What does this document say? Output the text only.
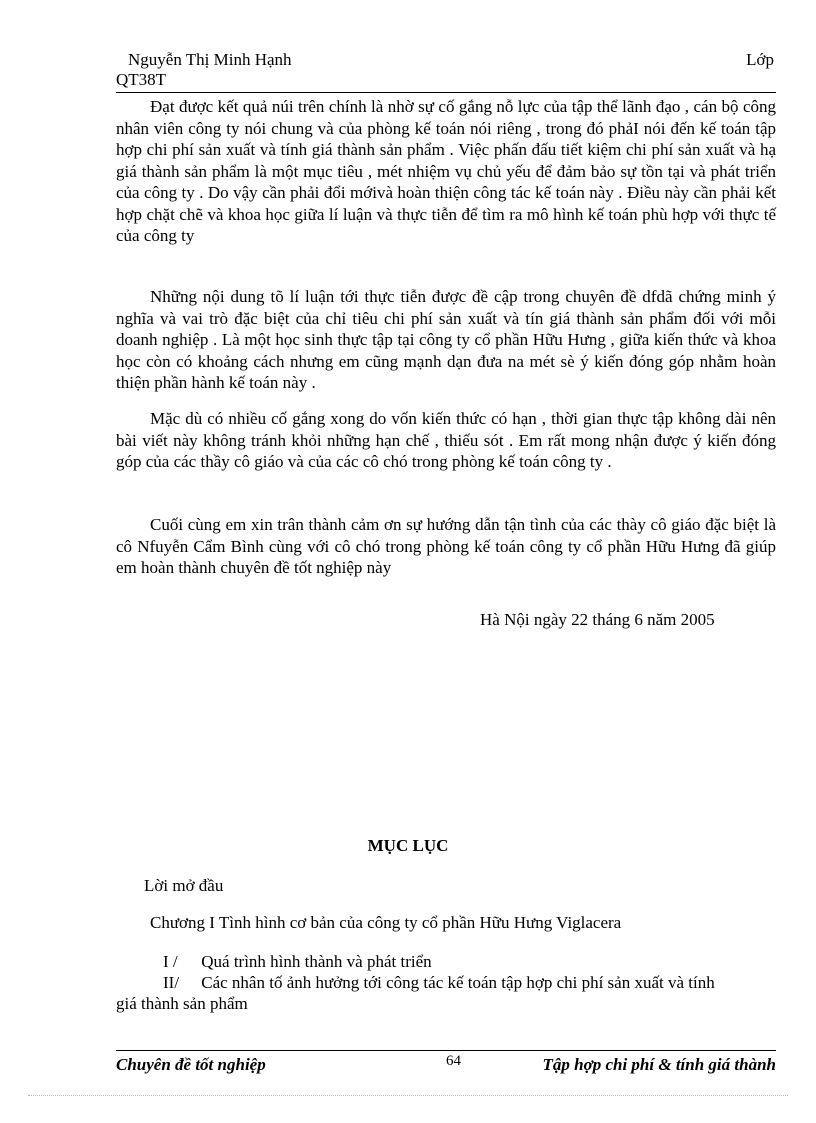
Nguyễn Thị Minh Hạnh	Lớp
QT38T

Đạt được kết quả núi trên chính là nhờ sự cố gắng nỗ lực của tập thể lãnh đạo , cán bộ công nhân viên công ty nói chung và của phòng kế toán nói riêng , trong đó phảI nói đến kế toán tập hợp chi phí sản xuất và tính giá thành sản phẩm . Việc phấn đấu tiết kiệm chi phí sản xuất và hạ giá thành sản phẩm là một mục tiêu , mét nhiệm vụ chủ yếu để đảm bảo sự tồn tại và phát triển của công ty . Do vậy cần phải đổi mớivà hoàn thiện công tác kế toán này . Điều này cần phải kết hợp chặt chẽ và khoa học giữa lí luận và thực tiễn để tìm ra mô hình kế toán phù hợp với thực tế của công ty

Những nội dung tõ lí luận tới thực tiễn được đề cập trong chuyên đề dfdã chứng minh ý nghĩa và vai trò đặc biệt của chỉ tiêu chi phí sản xuất và tín giá thành sản phẩm đối với mỗi doanh nghiệp . Là một học sinh thực tập tại công ty cổ phần Hữu Hưng , giữa kiến thức và khoa học còn có khoảng cách nhưng em cũng mạnh dạn đưa na mét sè ý kiến đóng góp nhằm hoàn thiện phần hành kế toán này .

Mặc dù có nhiều cố gắng xong do vốn kiến thức có hạn , thời gian thực tập không dài nên bài viết này không tránh khỏi những hạn chế , thiếu sót . Em rất mong nhận được ý kiến đóng góp của các thầy cô giáo và của các cô chó trong phòng kế toán công ty .

Cuối cùng em xin trân thành cảm ơn sự hướng dẫn tận tình của các thày cô giáo đặc biệt là cô Nfuyễn Cẩm Bình cùng với cô chó trong phòng kế toán công ty cổ phần Hữu Hưng đã giúp em hoàn thành chuyên đề tốt nghiệp này

Hà Nội ngày 22 tháng 6 năm 2005
MỤC LỤC
Lời mở đầu
Chương I Tình hình cơ bản của công ty cổ phần Hữu Hưng Viglacera
I / Quá trình hình thành và phát triển
II/ Các nhân tố ảnh hưởng tới công tác kế toán tập hợp chi phí sản xuất và tính
giá thành sản phẩm
Chuyên đề tốt nghiệp	64	Tập hợp chi phí & tính giá thành
